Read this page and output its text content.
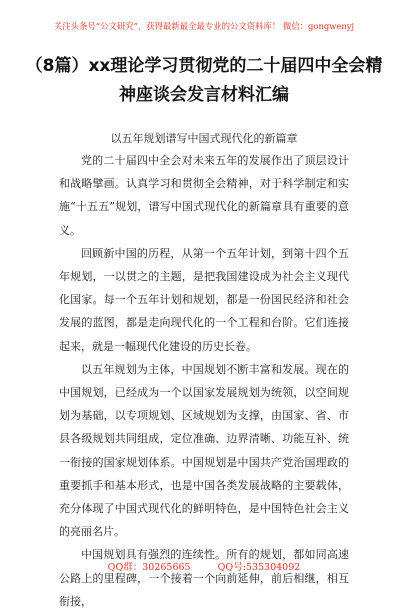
关注头条号“公文研究”，获得最新最全最专业的公文资料库！ 微信：gongwenyj
（8篇）xx理论学习贯彻党的二十届四中全会精神座谈会发言材料汇编
以五年规划谱写中国式现代化的新篇章

党的二十届四中全会对未来五年的发展作出了顶层设计和战略擘画。认真学习和贯彻全会精神，对于科学制定和实施“十五五”规划，谱写中国式现代化的新篇章具有重要的意义。

回顾新中国的历程，从第一个五年计划，到第十四个五年规划，一以贯之的主题，是把我国建设成为社会主义现代化国家。每一个五年计划和规划，都是一份国民经济和社会发展的蓝图，都是走向现代化的一个工程和台阶。它们连接起来，就是一幅现代化建设的历史长卷。

以五年规划为主体，中国规划不断丰富和发展。现在的中国规划，已经成为一个以国家发展规划为统领，以空间规划为基础，以专项规划、区域规划为支撑，由国家、省、市县各级规划共同组成，定位准确、边界清晰、功能互补、统一衔接的国家规划体系。中国规划是中国共产党治国理政的重要抓手和基本形式，也是中国各类发展战略的主要载体，充分体现了中国式现代化的鲜明特色，是中国特色社会主义的亮丽名片。

中国规划具有强烈的连续性。所有的规划，都如同高速公路上的里程碑，一个接着一个向前延伸，前后相继，相互衔接，

QQ群：30265665	QQ号:535304092
